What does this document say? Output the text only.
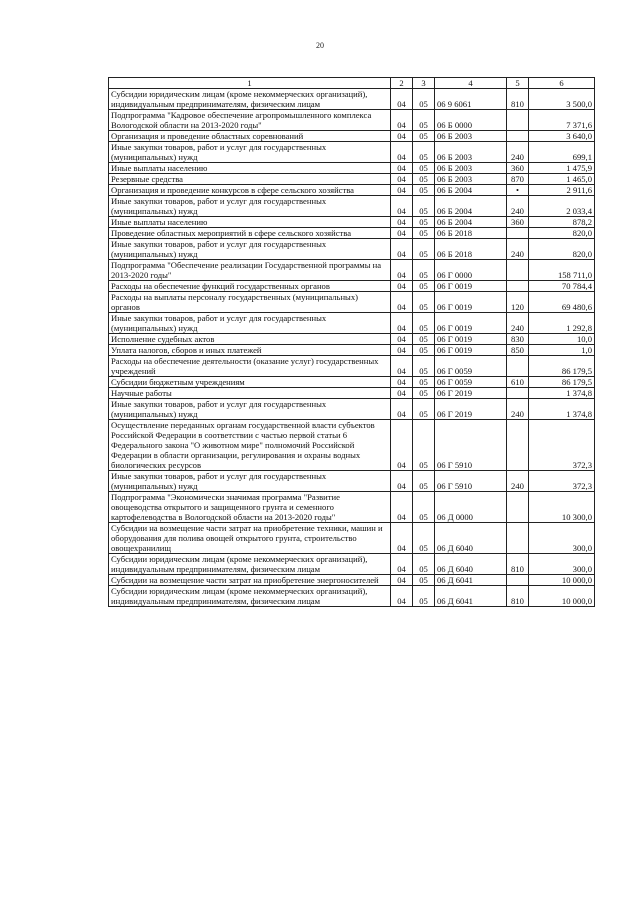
20
1	2	3	4	5	6
Субсидии юридическим лицам (кроме некоммерческих организаций), индивидуальным предпринимателям, физическим лицам	04	05	06 9 6061	810	3 500,0
Подпрограмма "Кадровое обеспечение агропромышленного комплекса Вологодской области на 2013-2020 годы"	04	05	06 Б 0000		7 371,6
Организация и проведение областных соревнований	04	05	06 Б 2003		3 640,0
Иные закупки товаров, работ и услуг для государственных (муниципальных) нужд	04	05	06 Б 2003	240	699,1
Иные выплаты населению	04	05	06 Б 2003	360	1 475,9
Резервные средства	04	05	06 Б 2003	870	1 465,0
Организация и проведение конкурсов в сфере сельского хозяйства	04	05	06 Б 2004	•	2 911,6
Иные закупки товаров, работ и услуг для государственных (муниципальных) нужд	04	05	06 Б 2004	240	2 033,4
Иные выплаты населению	04	05	06 Б 2004	360	878,2
Проведение областных мероприятий в сфере сельского хозяйства	04	05	06 Б 2018		820,0
Иные закупки товаров, работ и услуг для государственных (муниципальных) нужд	04	05	06 Б 2018	240	820,0
Подпрограмма "Обеспечение реализации Государственной программы на 2013-2020 годы"	04	05	06 Г 0000		158 711,0
Расходы на обеспечение функций государственных органов	04	05	06 Г 0019		70 784,4
Расходы на выплаты персоналу государственных (муниципальных) органов	04	05	06 Г 0019	120	69 480,6
Иные закупки товаров, работ и услуг для государственных (муниципальных) нужд	04	05	06 Г 0019	240	1 292,8
Исполнение судебных актов	04	05	06 Г 0019	830	10,0
Уплата налогов, сборов и иных платежей	04	05	06 Г 0019	850	1,0
Расходы на обеспечение деятельности (оказание услуг) государственных учреждений	04	05	06 Г 0059		86 179,5
Субсидии бюджетным учреждениям	04	05	06 Г 0059	610	86 179,5
Научные работы	04	05	06 Г 2019		1 374,8
Иные закупки товаров, работ и услуг для государственных (муниципальных) нужд	04	05	06 Г 2019	240	1 374,8
Осуществление переданных органам государственной власти субъектов Российской Федерации в соответствии с частью первой статьи 6 Федерального закона "О животном мире" полномочий Российской Федерации в области организации, регулирования и охраны водных биологических ресурсов	04	05	06 Г 5910		372,3
Иные закупки товаров, работ и услуг для государственных (муниципальных) нужд	04	05	06 Г 5910	240	372,3
Подпрограмма "Экономически значимая программа "Развитие овощеводства открытого и защищенного грунта и семенного картофелеводства в Вологодской области на 2013-2020 годы"	04	05	06 Д 0000		10 300,0
Субсидии на возмещение части затрат на приобретение техники, машин и оборудования для полива овощей открытого грунта, строительство овощехранилищ	04	05	06 Д 6040		300,0
Субсидии юридическим лицам (кроме некоммерческих организаций), индивидуальным предпринимателям, физическим лицам	04	05	06 Д 6040	810	300,0
Субсидии на возмещение части затрат на приобретение энергоносителей	04	05	06 Д 6041		10 000,0
Субсидии юридическим лицам (кроме некоммерческих организаций), индивидуальным предпринимателям, физическим лицам	04	05	06 Д 6041	810	10 000,0
